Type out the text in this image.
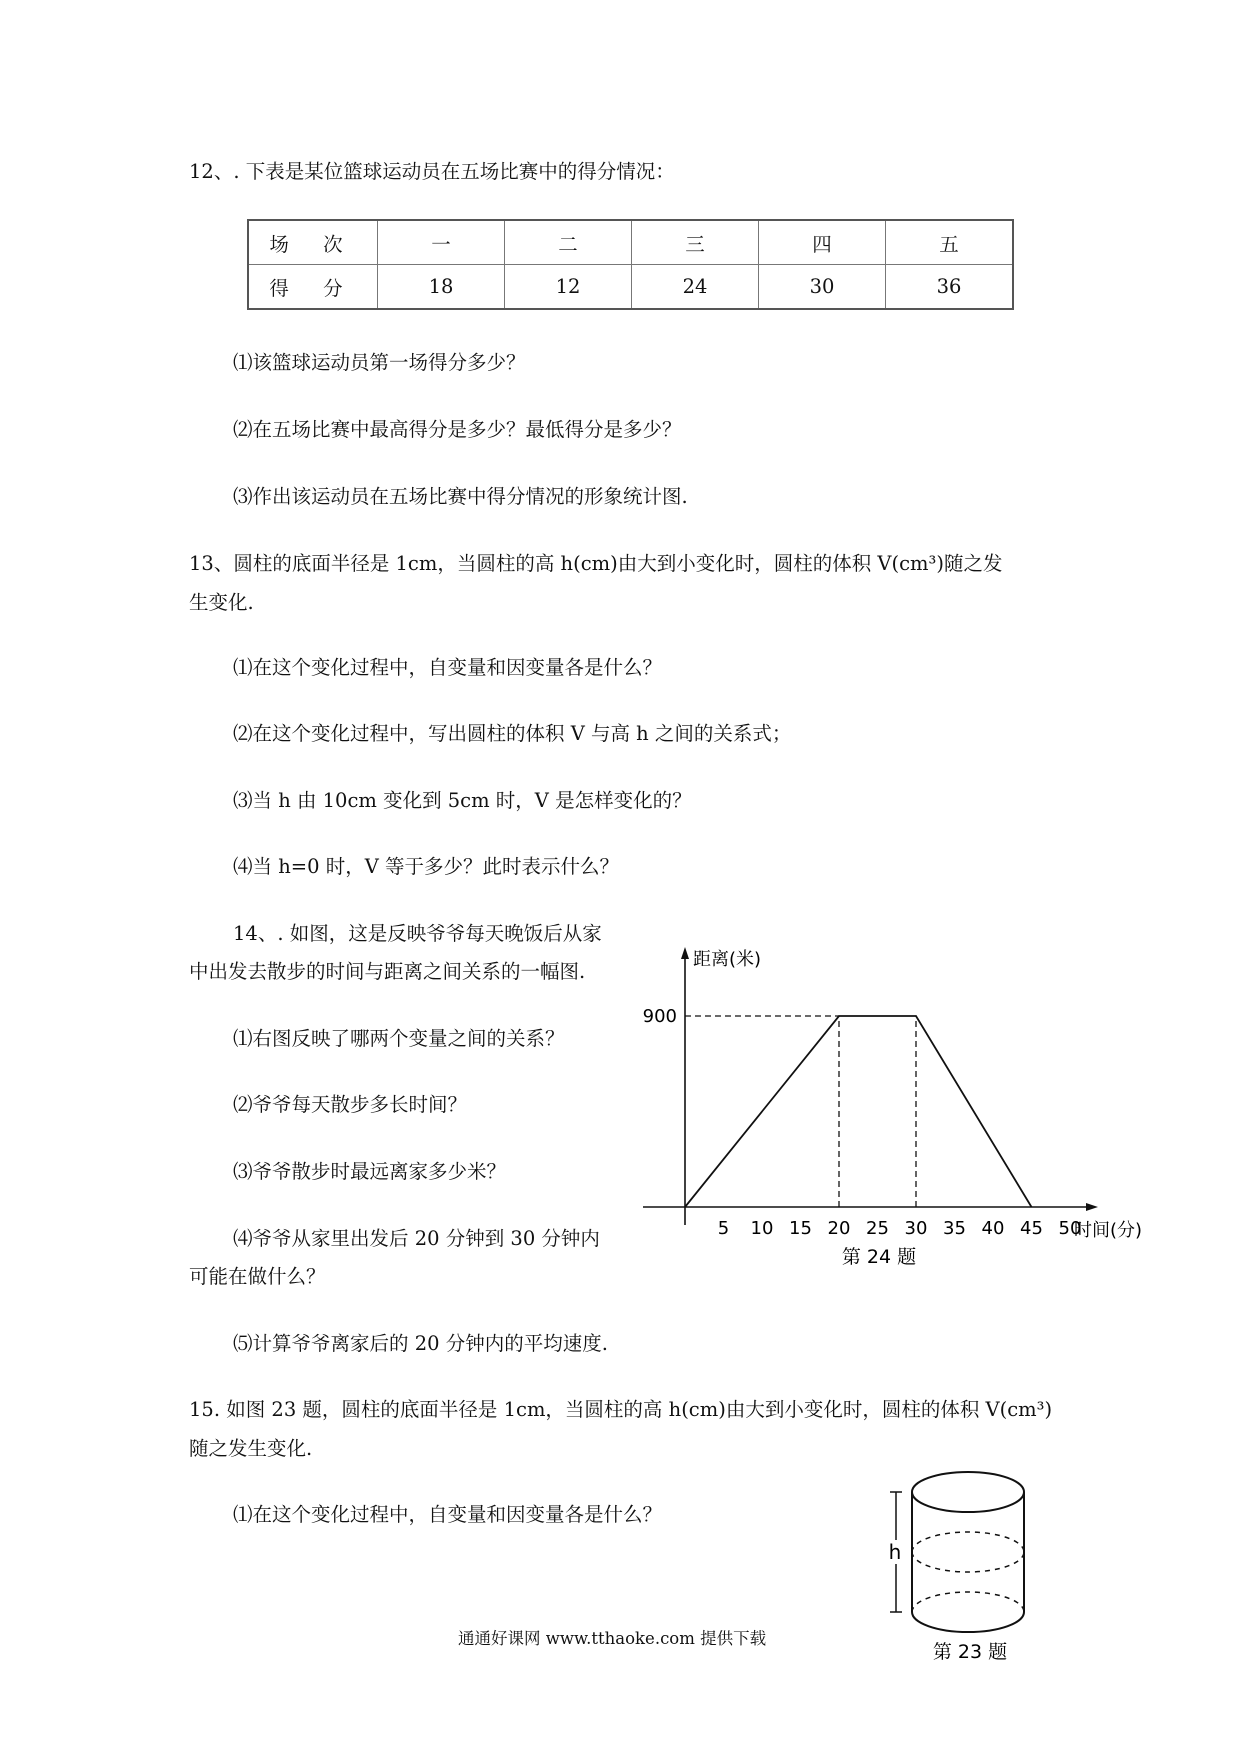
12、. 下表是某位篮球运动员在五场比赛中的得分情况：
场 次	一	二	三	四	五
得 分	18	12	24	30	36
⑴该篮球运动员第一场得分多少？
⑵在五场比赛中最高得分是多少？最低得分是多少？
⑶作出该运动员在五场比赛中得分情况的形象统计图.
13、圆柱的底面半径是 1cm，当圆柱的高 h(cm)由大到小变化时，圆柱的体积 V(cm³)随之发
生变化.
⑴在这个变化过程中，自变量和因变量各是什么？
⑵在这个变化过程中，写出圆柱的体积 V 与高 h 之间的关系式；
⑶当 h 由 10cm 变化到 5cm 时，V 是怎样变化的？
⑷当 h=0 时，V 等于多少？此时表示什么？
14、. 如图，这是反映爷爷每天晚饭后从家
中出发去散步的时间与距离之间关系的一幅图.
⑴右图反映了哪两个变量之间的关系？
⑵爷爷每天散步多长时间？
⑶爷爷散步时最远离家多少米？
⑷爷爷从家里出发后 20 分钟到 30 分钟内
可能在做什么？
⑸计算爷爷离家后的 20 分钟内的平均速度.
5 10 15 20 25 30 35 40 45 50
900
距离(米)
时间(分)
第 24 题
15. 如图 23 题，圆柱的底面半径是 1cm，当圆柱的高 h(cm)由大到小变化时，圆柱的体积 V(cm³)
随之发生变化.
⑴在这个变化过程中，自变量和因变量各是什么？
h
第 23 题
通通好课网 www.tthaoke.com 提供下载
